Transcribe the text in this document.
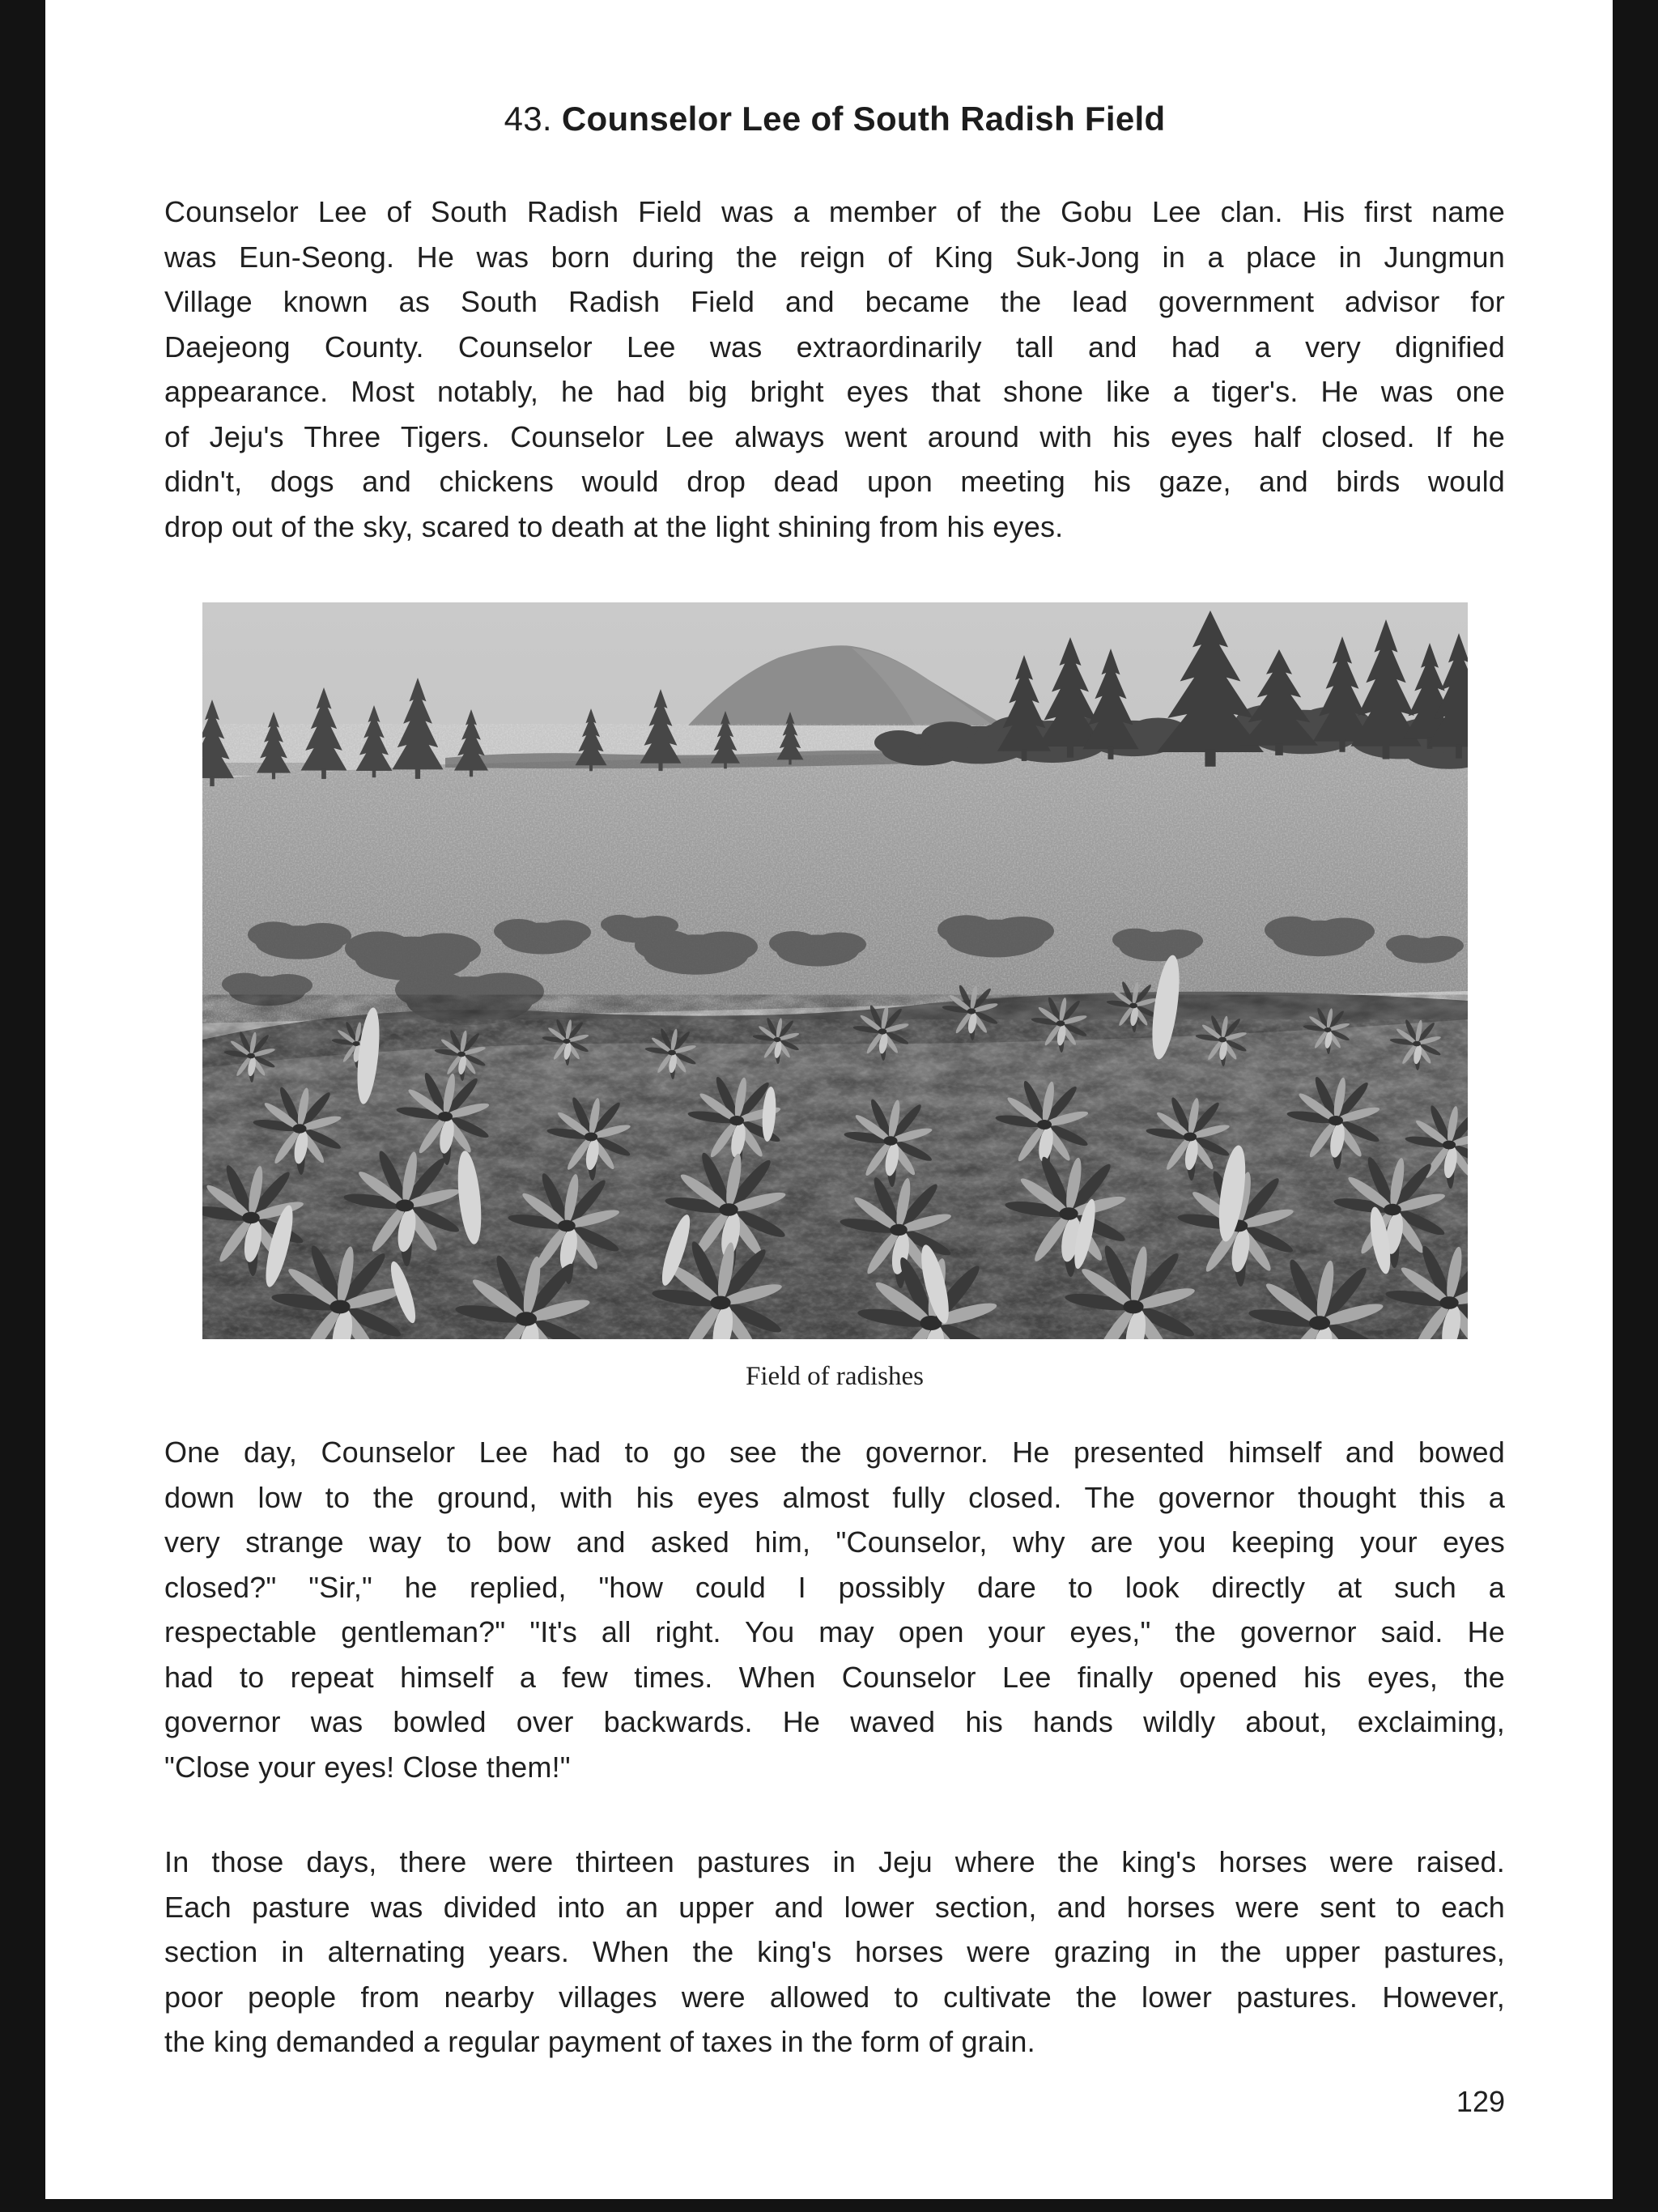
43. Counselor Lee of South Radish Field
Counselor Lee of South Radish Field was a member of the Gobu Lee clan. His first name
was Eun-Seong. He was born during the reign of King Suk-Jong in a place in Jungmun
Village known as South Radish Field and became the lead government advisor for
Daejeong County. Counselor Lee was extraordinarily tall and had a very dignified
appearance. Most notably, he had big bright eyes that shone like a tiger's. He was one
of Jeju's Three Tigers. Counselor Lee always went around with his eyes half closed. If he
didn't, dogs and chickens would drop dead upon meeting his gaze, and birds would
drop out of the sky, scared to death at the light shining from his eyes.
Field of radishes
One day, Counselor Lee had to go see the governor. He presented himself and bowed
down low to the ground, with his eyes almost fully closed. The governor thought this a
very strange way to bow and asked him, "Counselor, why are you keeping your eyes
closed?" "Sir," he replied, "how could I possibly dare to look directly at such a
respectable gentleman?" "It's all right. You may open your eyes," the governor said. He
had to repeat himself a few times. When Counselor Lee finally opened his eyes, the
governor was bowled over backwards. He waved his hands wildly about, exclaiming,
"Close your eyes! Close them!"
In those days, there were thirteen pastures in Jeju where the king's horses were raised.
Each pasture was divided into an upper and lower section, and horses were sent to each
section in alternating years. When the king's horses were grazing in the upper pastures,
poor people from nearby villages were allowed to cultivate the lower pastures. However,
the king demanded a regular payment of taxes in the form of grain.
129
